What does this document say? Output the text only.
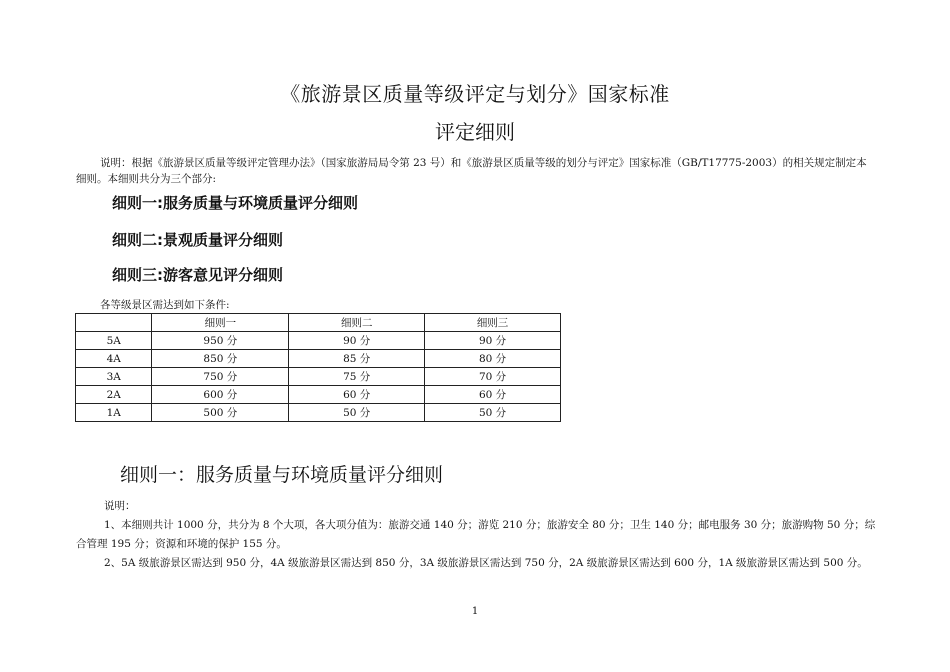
《旅游景区质量等级评定与划分》国家标准
评定细则
说明：根据《旅游景区质量等级评定管理办法》（国家旅游局局令第 23 号）和《旅游景区质量等级的划分与评定》国家标准（GB/T17775-2003）的相关规定制定本细则。本细则共分为三个部分:
细则一:服务质量与环境质量评分细则
细则二:景观质量评分细则
细则三:游客意见评分细则
各等级景区需达到如下条件:
	细则一	细则二	细则三
5A	950 分	90 分	90 分
4A	850 分	85 分	80 分
3A	750 分	75 分	70 分
2A	600 分	60 分	60 分
1A	500 分	50 分	50 分
细则一：服务质量与环境质量评分细则
说明：
1、本细则共计 1000 分，共分为 8 个大项，各大项分值为：旅游交通 140 分；游览 210 分；旅游安全 80 分；卫生 140 分；邮电服务 30 分；旅游购物 50 分；综合管理 195 分；资源和环境的保护 155 分。
2、5A 级旅游景区需达到 950 分，4A 级旅游景区需达到 850 分，3A 级旅游景区需达到 750 分，2A 级旅游景区需达到 600 分，1A 级旅游景区需达到 500 分。
1
